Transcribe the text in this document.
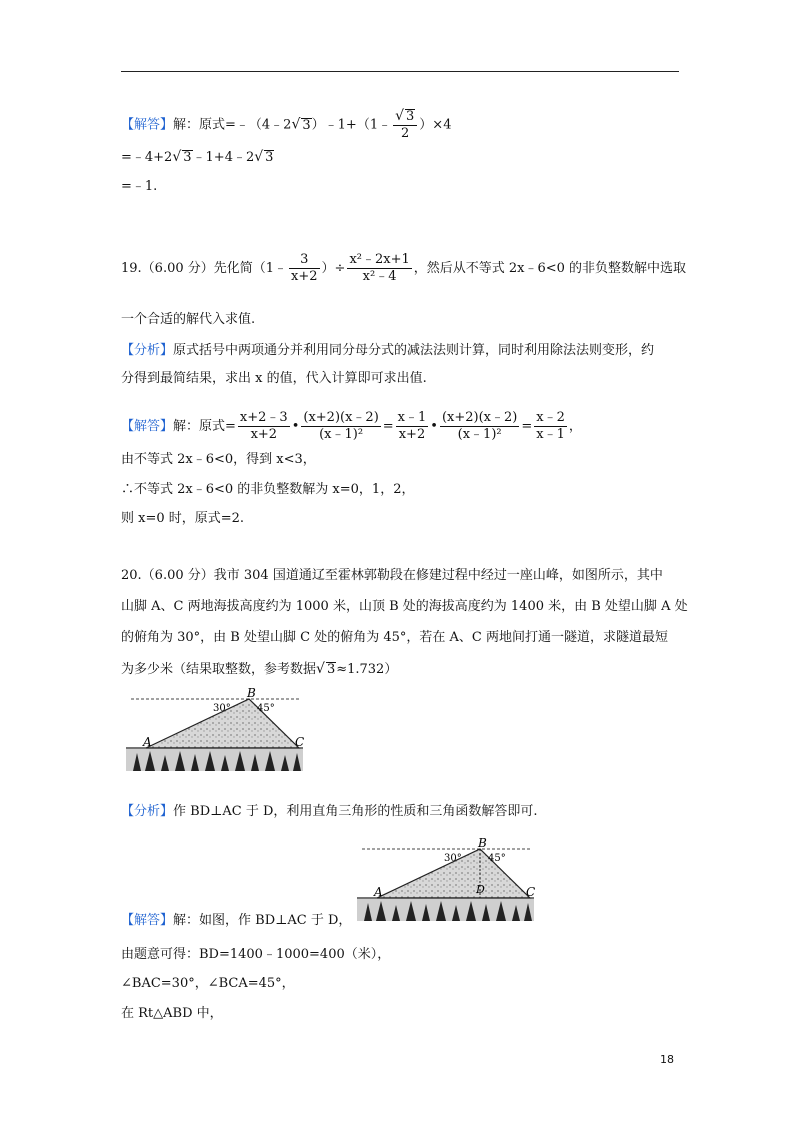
【解答】解：原式=﹣（4﹣2√ 3）﹣1+（1﹣ $\frac{√ 3}{2} )\times 4$
=﹣4+2√ 3﹣1+4﹣2√ 3
=﹣1.
19.（6.00 分）先化简（1﹣ $\frac{3}{x+2}$ ）÷ $\frac{\text{x²﹣2x+1}}{\text{x²﹣4}}$ ，然后从不等式 2x﹣6<0 的非负整数解中选取
一个合适的解代入求值.
【分析】原式括号中两项通分并利用同分母分式的减法法则计算，同时利用除法法则变形，约
分得到最简结果，求出 x 的值，代入计算即可求出值.
【解答】解：原式= $\frac{x+2﹣3}{x+2}$ • $\frac{(x+2)(x﹣2)}{\text{(x﹣1)²}} = \frac{x﹣1}{x+2}$ • $\frac{(x+2)(x﹣2)}{\text{(x﹣1)²}} = \frac{x﹣2}{x﹣1}$ ，
由不等式 2x﹣6<0，得到 x<3，
∴不等式 2x﹣6<0 的非负整数解为 x=0，1，2，
则 x=0 时，原式=2.
20.（6.00 分）我市 304 国道通辽至霍林郭勒段在修建过程中经过一座山峰，如图所示，其中
山脚 A、C 两地海拔高度约为 1000 米，山顶 B 处的海拔高度约为 1400 米，由 B 处望山脚 A 处
的俯角为 30°，由 B 处望山脚 C 处的俯角为 45°，若在 A、C 两地间打通一隧道，求隧道最短
为多少米（结果取整数，参考数据√ 3≈1.732）
B
A	C
30°	45°
【分析】作 BD⊥AC 于 D，利用直角三角形的性质和三角函数解答即可.
B
A	C
D
30°	45°
【解答】解：如图，作 BD⊥AC 于 D，
由题意可得：BD=1400﹣1000=400（米），
∠BAC=30°，∠BCA=45°，
在 Rt△ABD 中，
18
